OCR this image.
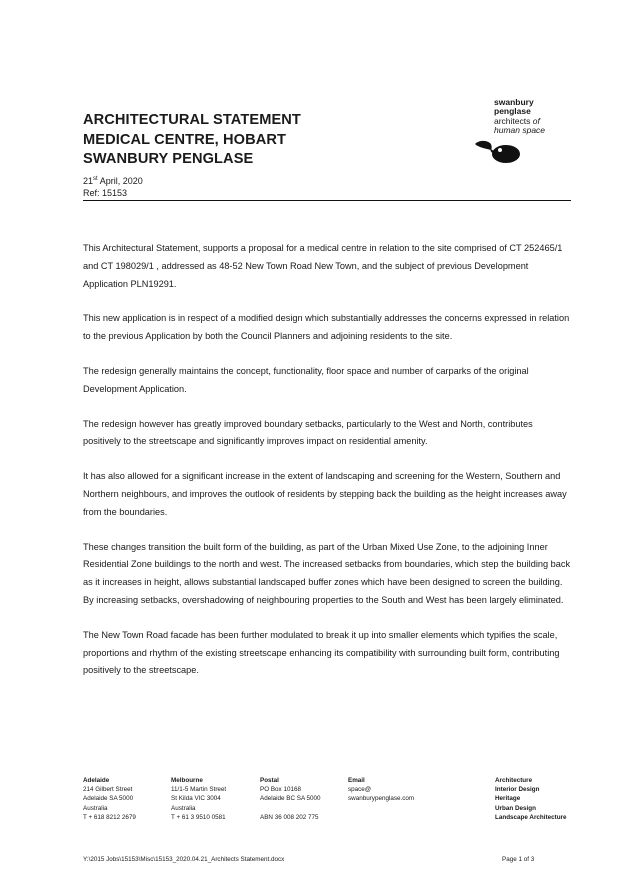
ARCHITECTURAL STATEMENT
MEDICAL CENTRE, HOBART
SWANBURY PENGLASE
21st April, 2020
Ref: 15153
swanbury
penglase
architects of
human space

This Architectural Statement, supports a proposal for a medical centre in relation to the site comprised of CT 252465/1 and CT 198029/1 , addressed as 48-52 New Town Road New Town, and the subject of previous Development Application PLN19291.

This new application is in respect of a modified design which substantially addresses the concerns expressed in relation to the previous Application by both the Council Planners and adjoining residents to the site.

The redesign generally maintains the concept, functionality, floor space and number of carparks of the original Development Application.

The redesign however has greatly improved boundary setbacks, particularly to the West and North, contributes positively to the streetscape and significantly improves impact on residential amenity.

It has also allowed for a significant increase in the extent of landscaping and screening for the Western, Southern and Northern neighbours, and improves the outlook of residents by stepping back the building as the height increases away from the boundaries.

These changes transition the built form of the building, as part of the Urban Mixed Use Zone, to the adjoining Inner Residential Zone buildings to the north and west. The increased setbacks from boundaries, which step the building back as it increases in height, allows substantial landscaped buffer zones which have been designed to screen the building. By increasing setbacks, overshadowing of neighbouring properties to the South and West has been largely eliminated.

The New Town Road facade has been further modulated to break it up into smaller elements which typifies the scale, proportions and rhythm of the existing streetscape enhancing its compatibility with surrounding built form, contributing positively to the streetscape.

Adelaide
214 Gilbert Street
Adelaide SA 5000
Australia
T + 618 8212 2679
Melbourne
11/1-5 Martin Street
St Kilda VIC 3004
Australia
T + 61 3 9510 0581
Postal
PO Box 10168
Adelaide BC SA 5000
ABN 36 008 202 775
Email
space@
swanburypenglase.com
Architecture
Interior Design
Heritage
Urban Design
Landscape Architecture
Y:\2015 Jobs\15153\Misc\15153_2020.04.21_Architects Statement.docx	Page 1 of 3
